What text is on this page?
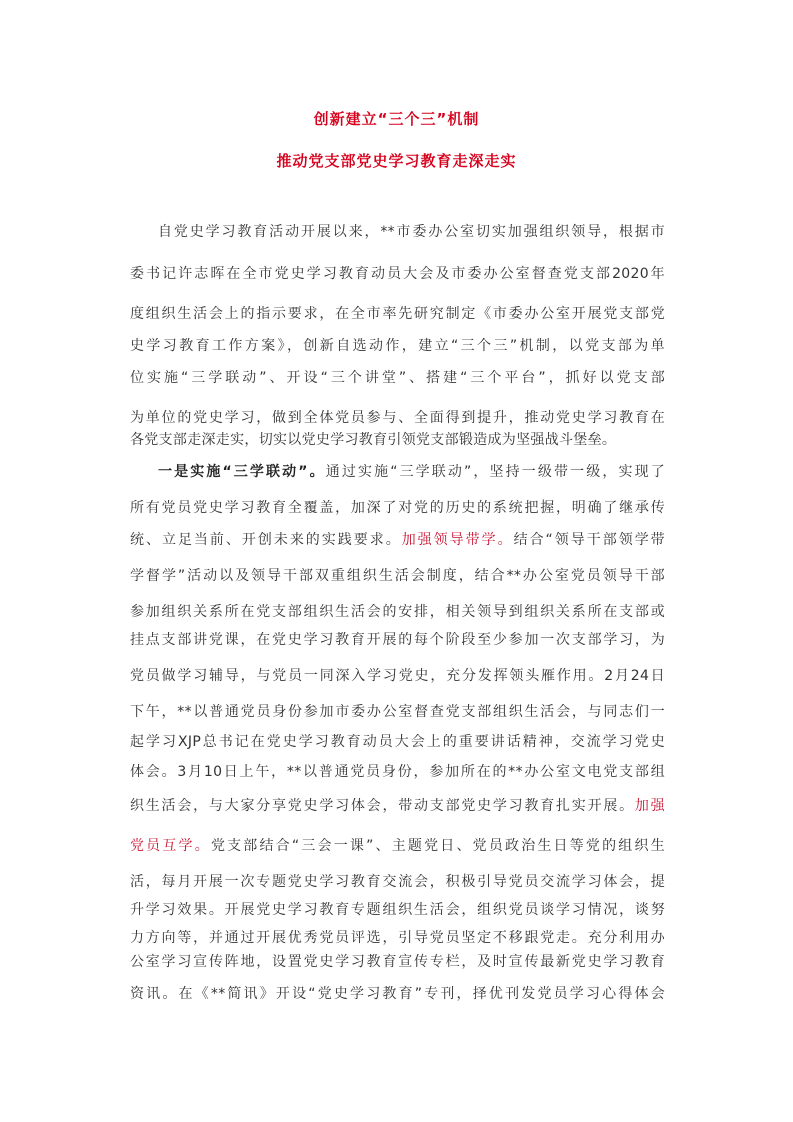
创新建立“三个三”机制
推动党支部党史学习教育走深走实
自党史学习教育活动开展以来，**市委办公室切实加强组织领导，根据市
委书记许志晖在全市党史学习教育动员大会及市委办公室督查党支部2020年
度组织生活会上的指示要求，在全市率先研究制定《市委办公室开展党支部党
史学习教育工作方案》，创新自选动作，建立“三个三”机制，以党支部为单
位实施“三学联动”、开设“三个讲堂”、搭建“三个平台”，抓好以党支部
为单位的党史学习，做到全体党员参与、全面得到提升，推动党史学习教育在
各党支部走深走实，切实以党史学习教育引领党支部锻造成为坚强战斗堡垒。
一是实施“三学联动”。通过实施“三学联动”，坚持一级带一级，实现了
所有党员党史学习教育全覆盖，加深了对党的历史的系统把握，明确了继承传
统、立足当前、开创未来的实践要求。加强领导带学。结合“领导干部领学带
学督学”活动以及领导干部双重组织生活会制度，结合**办公室党员领导干部
参加组织关系所在党支部组织生活会的安排，相关领导到组织关系所在支部或
挂点支部讲党课，在党史学习教育开展的每个阶段至少参加一次支部学习，为
党员做学习辅导，与党员一同深入学习党史，充分发挥领头雁作用。2月24日
下午，**以普通党员身份参加市委办公室督查党支部组织生活会，与同志们一
起学习XJP总书记在党史学习教育动员大会上的重要讲话精神，交流学习党史
体会。3月10日上午，**以普通党员身份，参加所在的**办公室文电党支部组
织生活会，与大家分享党史学习体会，带动支部党史学习教育扎实开展。加强
党员互学。党支部结合“三会一课”、主题党日、党员政治生日等党的组织生
活，每月开展一次专题党史学习教育交流会，积极引导党员交流学习体会，提
升学习效果。开展党史学习教育专题组织生活会，组织党员谈学习情况，谈努
力方向等，并通过开展优秀党员评选，引导党员坚定不移跟党走。充分利用办
公室学习宣传阵地，设置党史学习教育宣传专栏，及时宣传最新党史学习教育
资讯。在《**简讯》开设“党史学习教育”专刊，择优刊发党员学习心得体会
